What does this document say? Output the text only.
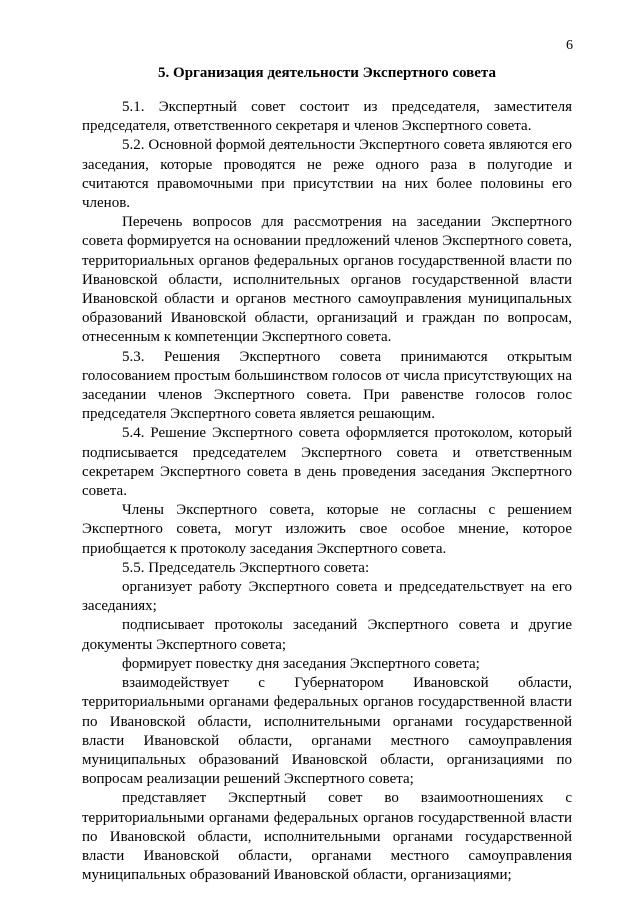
6
5. Организация деятельности Экспертного совета

5.1. Экспертный совет состоит из председателя, заместителя председателя, ответственного секретаря и членов Экспертного совета.

5.2. Основной формой деятельности Экспертного совета являются его заседания, которые проводятся не реже одного раза в полугодие и считаются правомочными при присутствии на них более половины его членов.

Перечень вопросов для рассмотрения на заседании Экспертного совета формируется на основании предложений членов Экспертного совета, территориальных органов федеральных органов государственной власти по Ивановской области, исполнительных органов государственной власти Ивановской области и органов местного самоуправления муниципальных образований Ивановской области, организаций и граждан по вопросам, отнесенным к компетенции Экспертного совета.

5.3. Решения Экспертного совета принимаются открытым голосованием простым большинством голосов от числа присутствующих на заседании членов Экспертного совета. При равенстве голосов голос председателя Экспертного совета является решающим.

5.4. Решение Экспертного совета оформляется протоколом, который подписывается председателем Экспертного совета и ответственным секретарем Экспертного совета в день проведения заседания Экспертного совета.

Члены Экспертного совета, которые не согласны с решением Экспертного совета, могут изложить свое особое мнение, которое приобщается к протоколу заседания Экспертного совета.

5.5. Председатель Экспертного совета:

организует работу Экспертного совета и председательствует на его заседаниях;

подписывает протоколы заседаний Экспертного совета и другие документы Экспертного совета;

формирует повестку дня заседания Экспертного совета;

взаимодействует с Губернатором Ивановской области, территориальными органами федеральных органов государственной власти по Ивановской области, исполнительными органами государственной власти Ивановской области, органами местного самоуправления муниципальных образований Ивановской области, организациями по вопросам реализации решений Экспертного совета;

представляет Экспертный совет во взаимоотношениях с территориальными органами федеральных органов государственной власти по Ивановской области, исполнительными органами государственной власти Ивановской области, органами местного самоуправления муниципальных образований Ивановской области, организациями;
